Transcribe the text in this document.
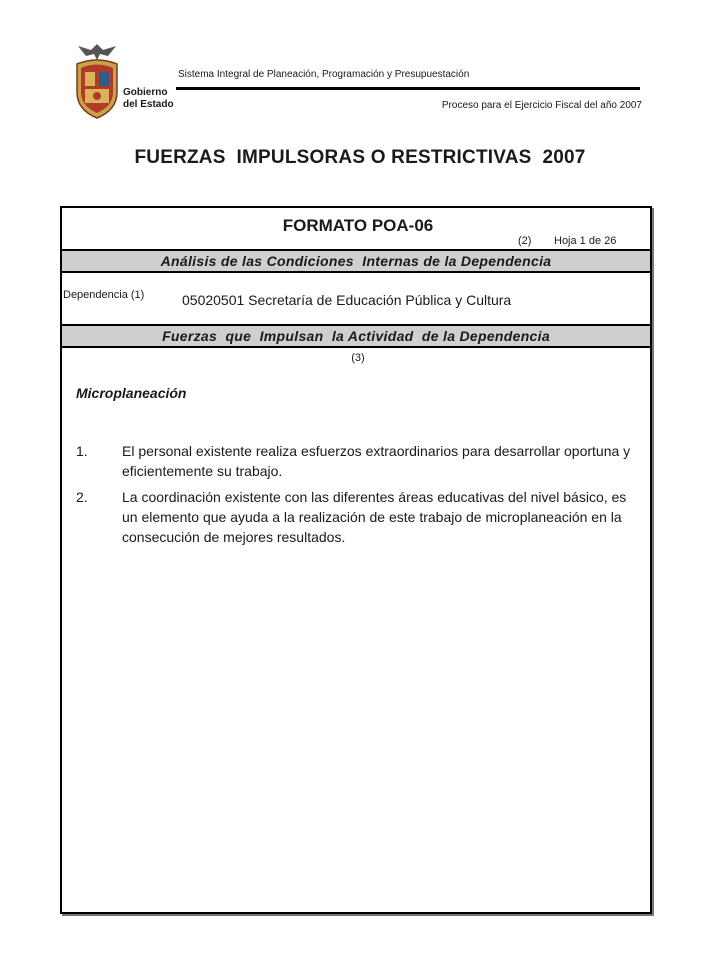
Gobierno
del Estado
Sistema Integral de Planeación, Programación y Presupuestación
Proceso para el Ejercicio Fiscal del año 2007
FUERZAS  IMPULSORAS O RESTRICTIVAS  2007
FORMATO POA-06
(2) Hoja 1 de 26
Análisis de las Condiciones  Internas de la Dependencia
Dependencia (1)	05020501 Secretaría de Educación Pública y Cultura
Fuerzas  que  Impulsan  la Actividad  de la Dependencia
(3)
Microplaneación
1. El personal existente realiza esfuerzos extraordinarios para desarrollar oportuna y eficientemente su trabajo.
2. La coordinación existente con las diferentes áreas educativas del nivel básico, es un elemento que ayuda a la realización de este trabajo de microplaneación en la consecución de mejores resultados.
